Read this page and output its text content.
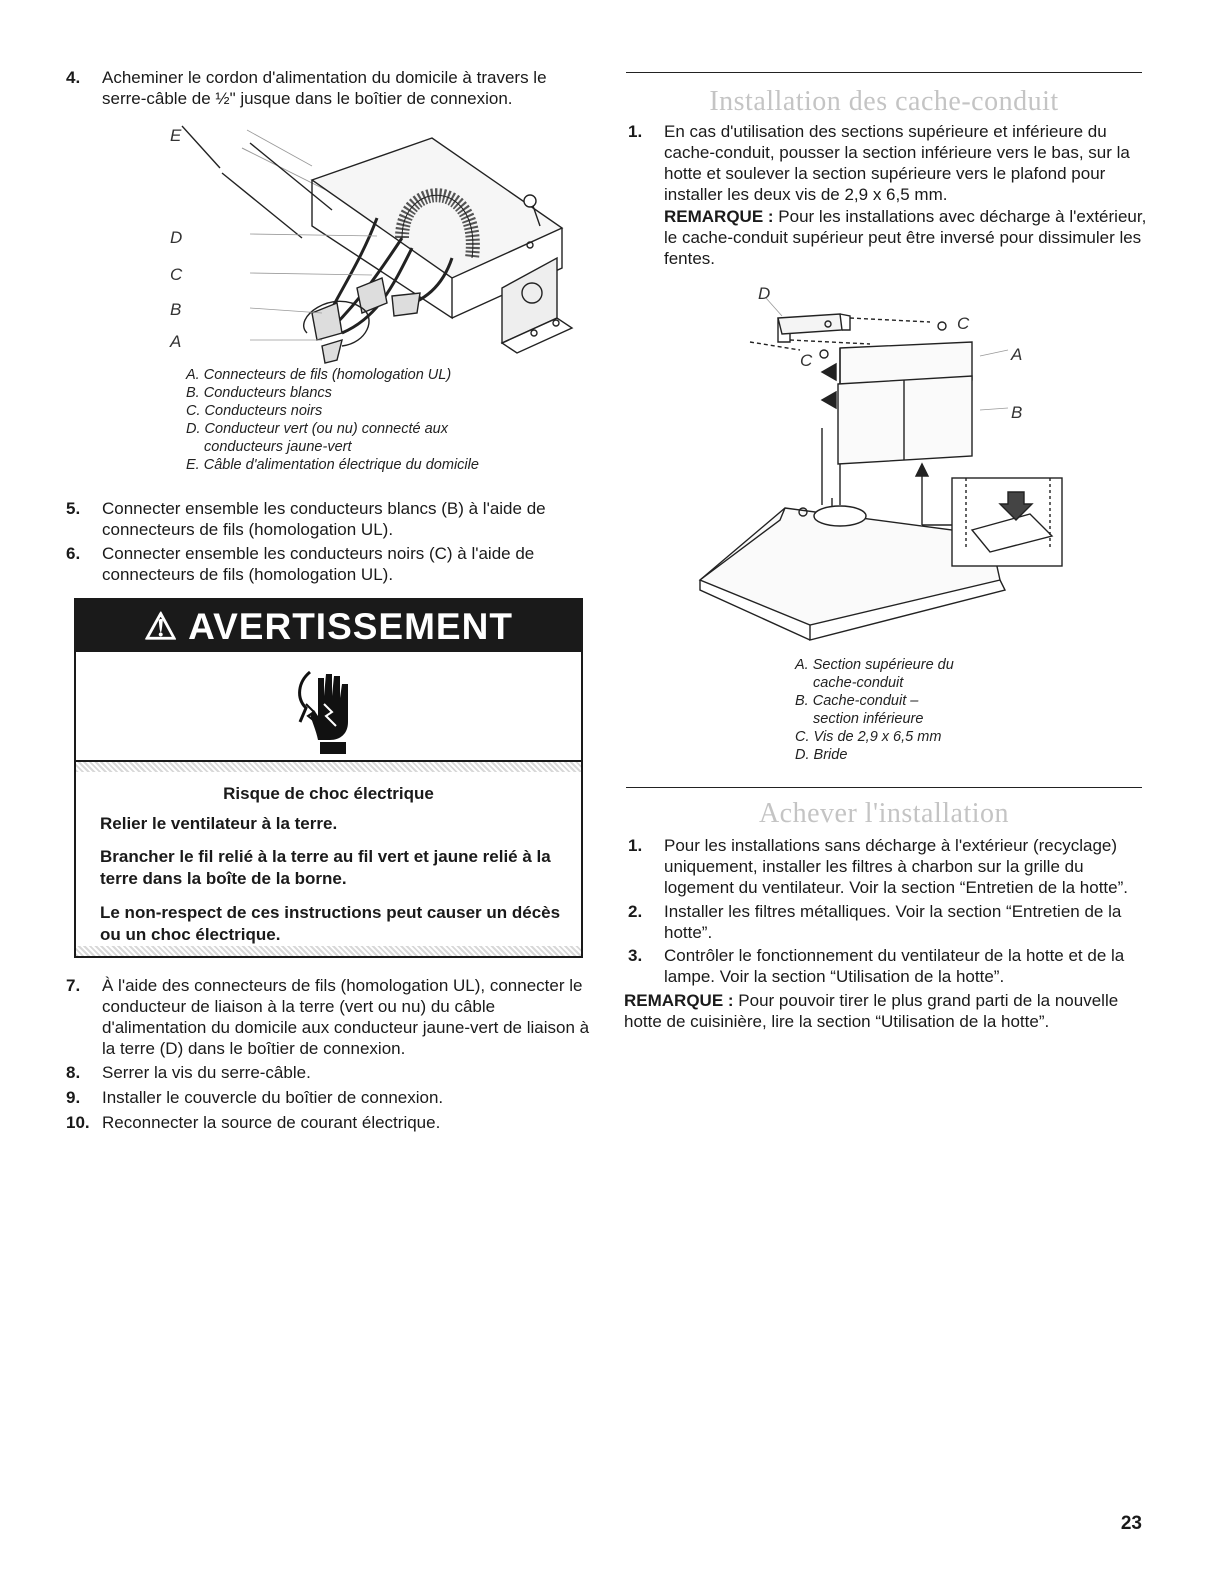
4. Acheminer le cordon d'alimentation du domicile à travers le serre-câble de ½" jusque dans le boîtier de connexion.
E
D
C
B
A
A. Connecteurs de fils (homologation UL)
B. Conducteurs blancs
C. Conducteurs noirs
D. Conducteur vert (ou nu) connecté aux
conducteurs jaune-vert
E. Câble d'alimentation électrique du domicile
5. Connecter ensemble les conducteurs blancs (B) à l'aide de connecteurs de fils (homologation UL).
6. Connecter ensemble les conducteurs noirs (C) à l'aide de connecteurs de fils (homologation UL).
7. À l'aide des connecteurs de fils (homologation UL), connecter le conducteur de liaison à la terre (vert ou nu) du câble d'alimentation du domicile aux conducteur jaune-vert de liaison à la terre (D) dans le boîtier de connexion.
8. Serrer la vis du serre-câble.
9. Installer le couvercle du boîtier de connexion.
10. Reconnecter la source de courant électrique.
⚠︎ AVERTISSEMENT
Risque de choc électrique
Relier le ventilateur à la terre.
Brancher le fil relié à la terre au fil vert et jaune relié à la terre dans la boîte de la borne.
Le non-respect de ces instructions peut causer un décès ou un choc électrique.
Installation des cache-conduit
1. En cas d'utilisation des sections supérieure et inférieure du cache-conduit, pousser la section inférieure vers le bas, sur la hotte et soulever la section supérieure vers le plafond pour installer les deux vis de 2,9 x 6,5 mm.
REMARQUE : Pour les installations avec décharge à l'extérieur, le cache-conduit supérieur peut être inversé pour dissimuler les fentes.
D
C
C	A
B
A. Section supérieure du
cache-conduit
B. Cache-conduit –
section inférieure
C. Vis de 2,9 x 6,5 mm
D. Bride
Achever l'installation
1. Pour les installations sans décharge à l'extérieur (recyclage) uniquement, installer les filtres à charbon sur la grille du logement du ventilateur. Voir la section “Entretien de la hotte”.
2. Installer les filtres métalliques. Voir la section “Entretien de la hotte”.
3. Contrôler le fonctionnement du ventilateur de la hotte et de la lampe. Voir la section “Utilisation de la hotte”.
REMARQUE : Pour pouvoir tirer le plus grand parti de la nouvelle hotte de cuisinière, lire la section “Utilisation de la hotte”.
23
